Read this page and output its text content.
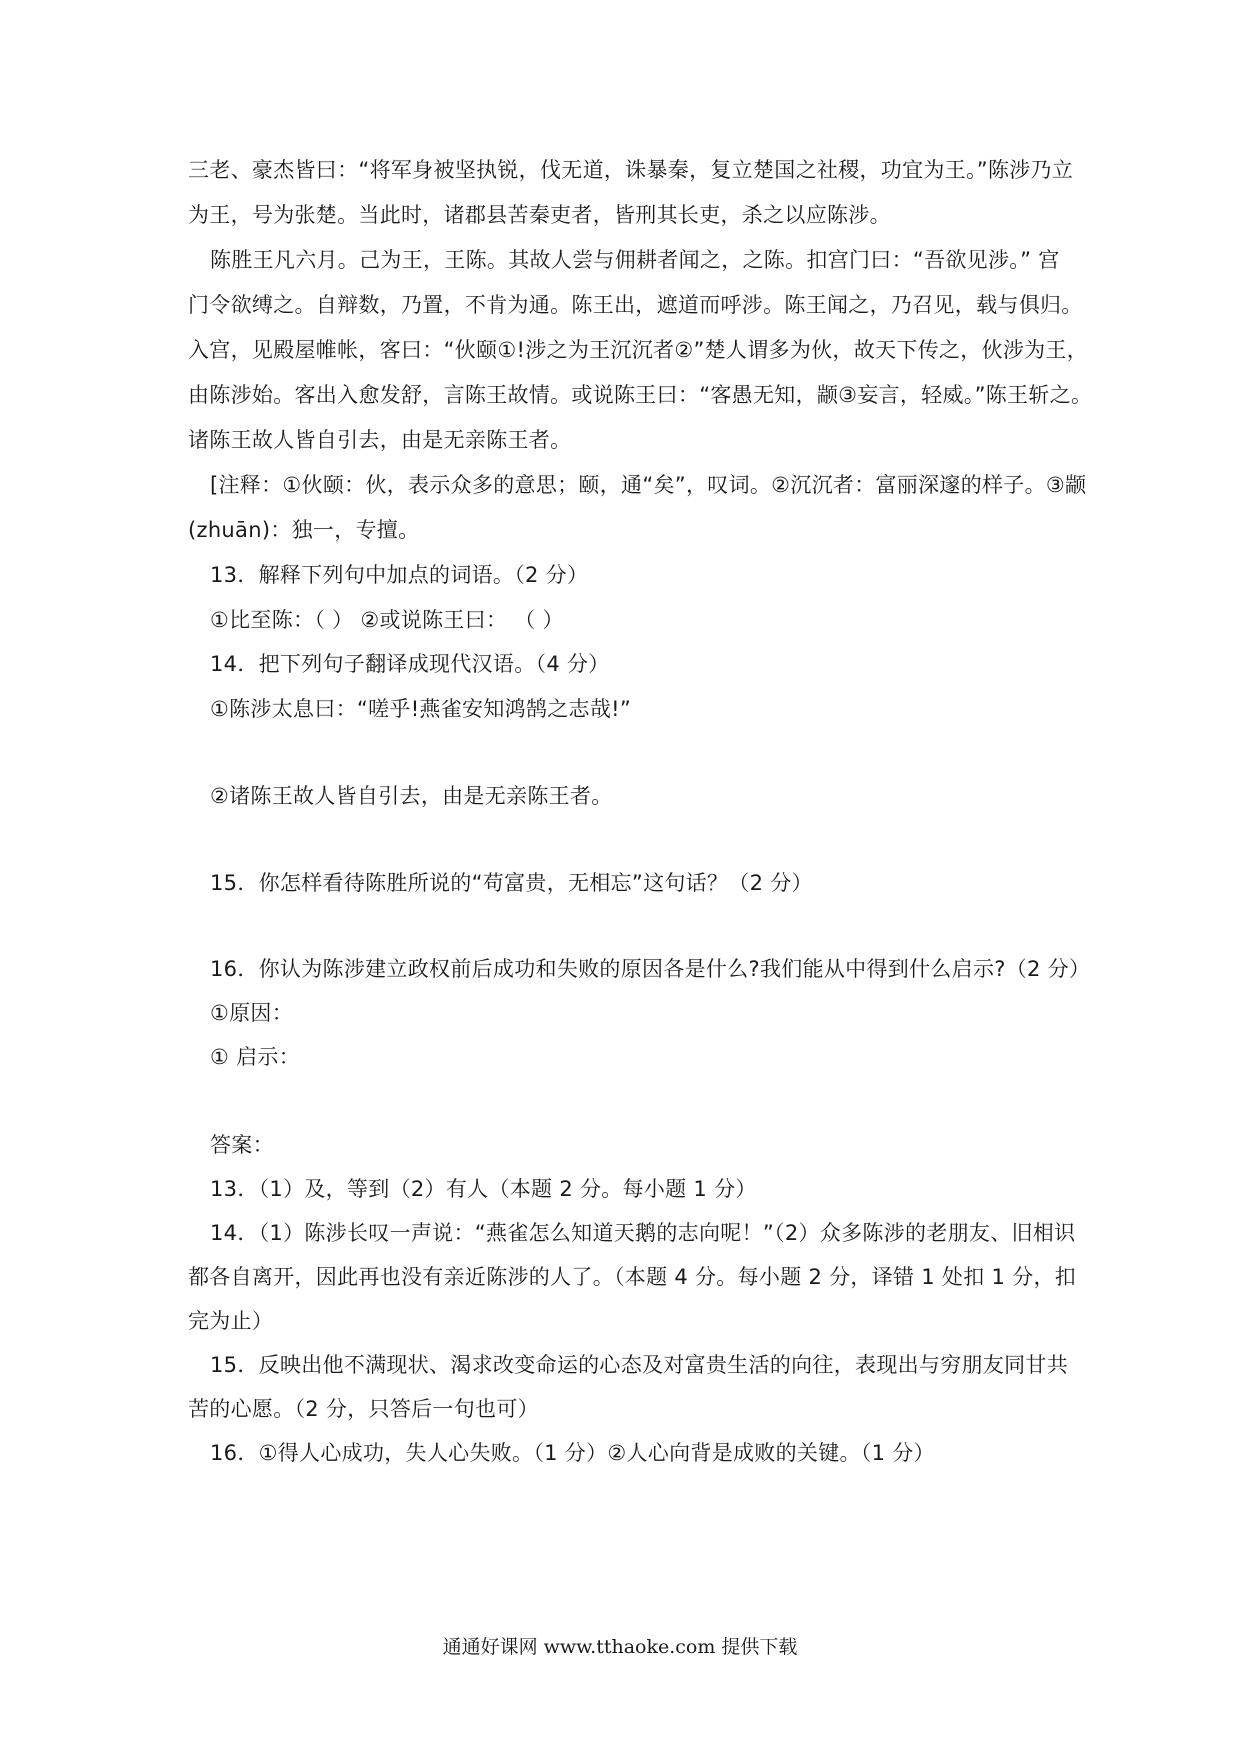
三老、豪杰皆曰：“将军身被坚执锐，伐无道，诛暴秦，复立楚国之社稷，功宜为王。”陈涉乃立
为王，号为张楚。当此时，诸郡县苦秦吏者，皆刑其长吏，杀之以应陈涉。
陈胜王凡六月。己为王，王陈。其故人尝与佣耕者闻之，之陈。扣宫门曰：“吾欲见涉。” 宫
门令欲缚之。自辩数，乃置，不肯为通。陈王出，遮道而呼涉。陈王闻之，乃召见，载与俱归。
入宫，见殿屋帷帐，客曰：“伙颐①!涉之为王沉沉者②”楚人谓多为伙，故天下传之，伙涉为王，
由陈涉始。客出入愈发舒，言陈王故情。或说陈王曰：“客愚无知，颛③妄言，轻威。”陈王斩之。
诸陈王故人皆自引去，由是无亲陈王者。
[注释：①伙颐：伙，表示众多的意思；颐，通“矣”，叹词。②沉沉者：富丽深邃的样子。③颛
(zhuān)：独一，专擅。
13．解释下列句中加点的词语。（2 分）
①比至陈：（ ） ②或说陈王曰： （ ）
14．把下列句子翻译成现代汉语。（4 分）
①陈涉太息曰：“嗟乎!燕雀安知鸿鹄之志哉!”
②诸陈王故人皆自引去，由是无亲陈王者。
15．你怎样看待陈胜所说的“苟富贵，无相忘”这句话？（2 分）
16．你认为陈涉建立政权前后成功和失败的原因各是什么?我们能从中得到什么启示?（2 分）
①原因：
① 启示：
答案：
13．（1）及，等到（2）有人（本题 2 分。每小题 1 分）
14．（1）陈涉长叹一声说：“燕雀怎么知道天鹅的志向呢！”（2）众多陈涉的老朋友、旧相识
都各自离开，因此再也没有亲近陈涉的人了。（本题 4 分。每小题 2 分，译错 1 处扣 1 分，扣
完为止）
15．反映出他不满现状、渴求改变命运的心态及对富贵生活的向往，表现出与穷朋友同甘共
苦的心愿。（2 分，只答后一句也可）
16．①得人心成功，失人心失败。（1 分）②人心向背是成败的关键。（1 分）
通通好课网 www.tthaoke.com 提供下载
